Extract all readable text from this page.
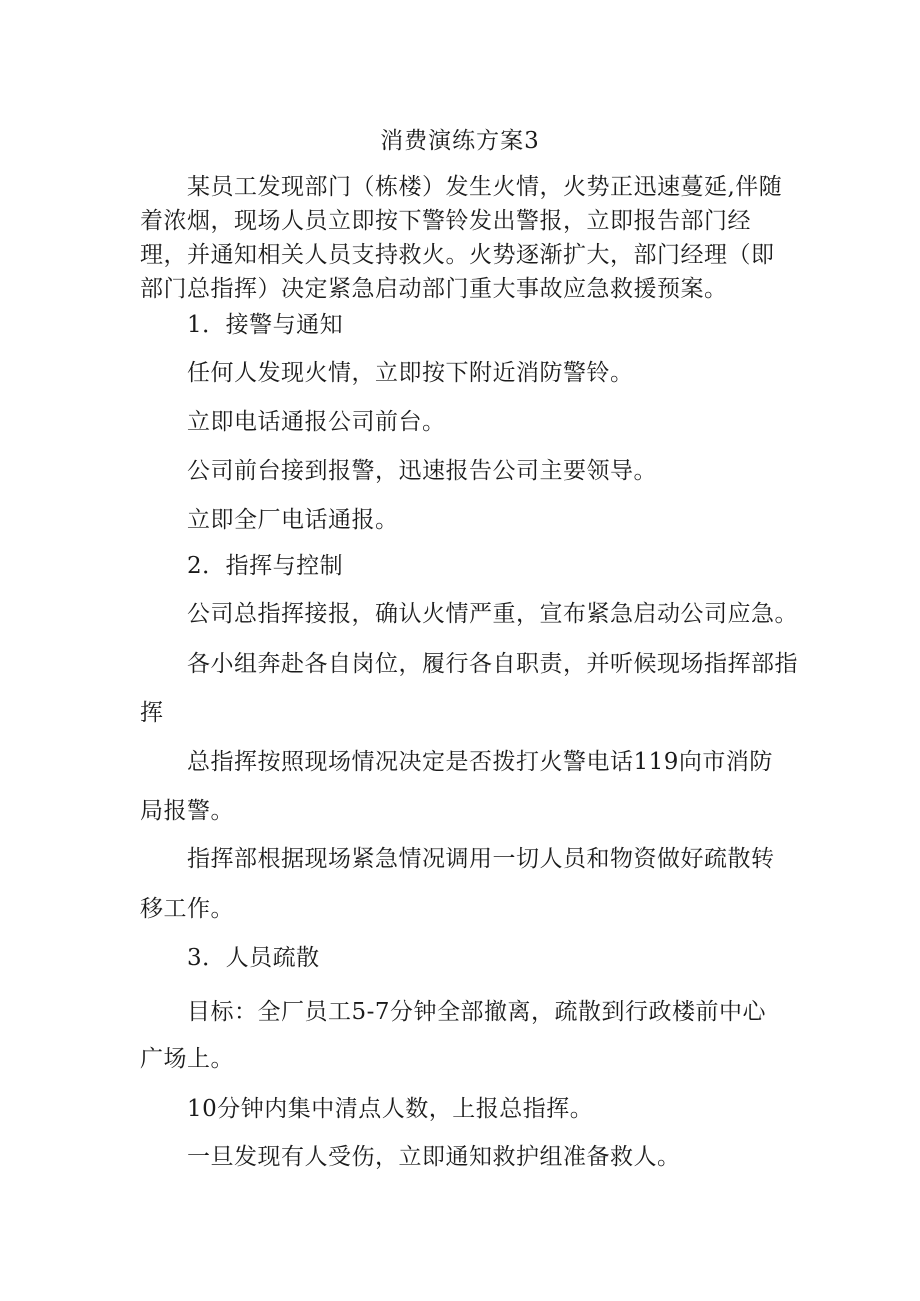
消费演练方案3
某员工发现部门（栋楼）发生火情，火势正迅速蔓延,伴随着浓烟，现场人员立即按下警铃发出警报，立即报告部门经理，并通知相关人员支持救火。火势逐渐扩大，部门经理（即部门总指挥）决定紧急启动部门重大事故应急救援预案。
1．接警与通知
任何人发现火情，立即按下附近消防警铃。
立即电话通报公司前台。
公司前台接到报警，迅速报告公司主要领导。
立即全厂电话通报。
2．指挥与控制
公司总指挥接报，确认火情严重，宣布紧急启动公司应急。
各小组奔赴各自岗位，履行各自职责，并听候现场指挥部指
挥
总指挥按照现场情况决定是否拨打火警电话119向市消防
局报警。
指挥部根据现场紧急情况调用一切人员和物资做好疏散转
移工作。
3．人员疏散
目标：全厂员工5-7分钟全部撤离，疏散到行政楼前中心
广场上。
10分钟内集中清点人数，上报总指挥。
一旦发现有人受伤，立即通知救护组准备救人。
